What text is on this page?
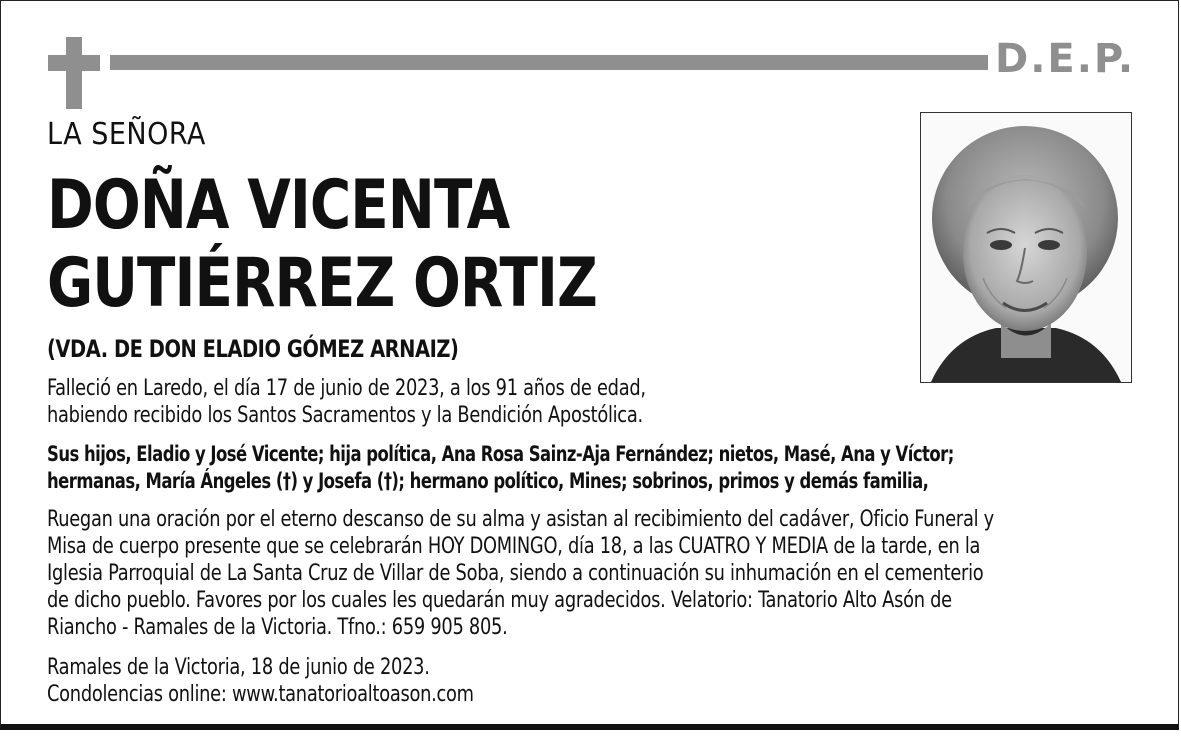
D.E.P.

LA SEÑORA

DOÑA VICENTA
GUTIÉRREZ ORTIZ

(VDA. DE DON ELADIO GÓMEZ ARNAIZ)

Falleció en Laredo, el día 17 de junio de 2023, a los 91 años de edad,
habiendo recibido los Santos Sacramentos y la Bendición Apostólica.
Sus hijos, Eladio y José Vicente; hija política, Ana Rosa Sainz-Aja Fernández; nietos, Masé, Ana y Víctor;
hermanas, María Ángeles (†) y Josefa (†); hermano político, Mines; sobrinos, primos y demás familia,
Ruegan una oración por el eterno descanso de su alma y asistan al recibimiento del cadáver, Oficio Funeral y
Misa de cuerpo presente que se celebrarán HOY DOMINGO, día 18, a las CUATRO Y MEDIA de la tarde, en la
Iglesia Parroquial de La Santa Cruz de Villar de Soba, siendo a continuación su inhumación en el cementerio
de dicho pueblo. Favores por los cuales les quedarán muy agradecidos. Velatorio: Tanatorio Alto Asón de
Riancho - Ramales de la Victoria. Tfno.: 659 905 805.
Ramales de la Victoria, 18 de junio de 2023.
Condolencias online: www.tanatorioaltoason.com
